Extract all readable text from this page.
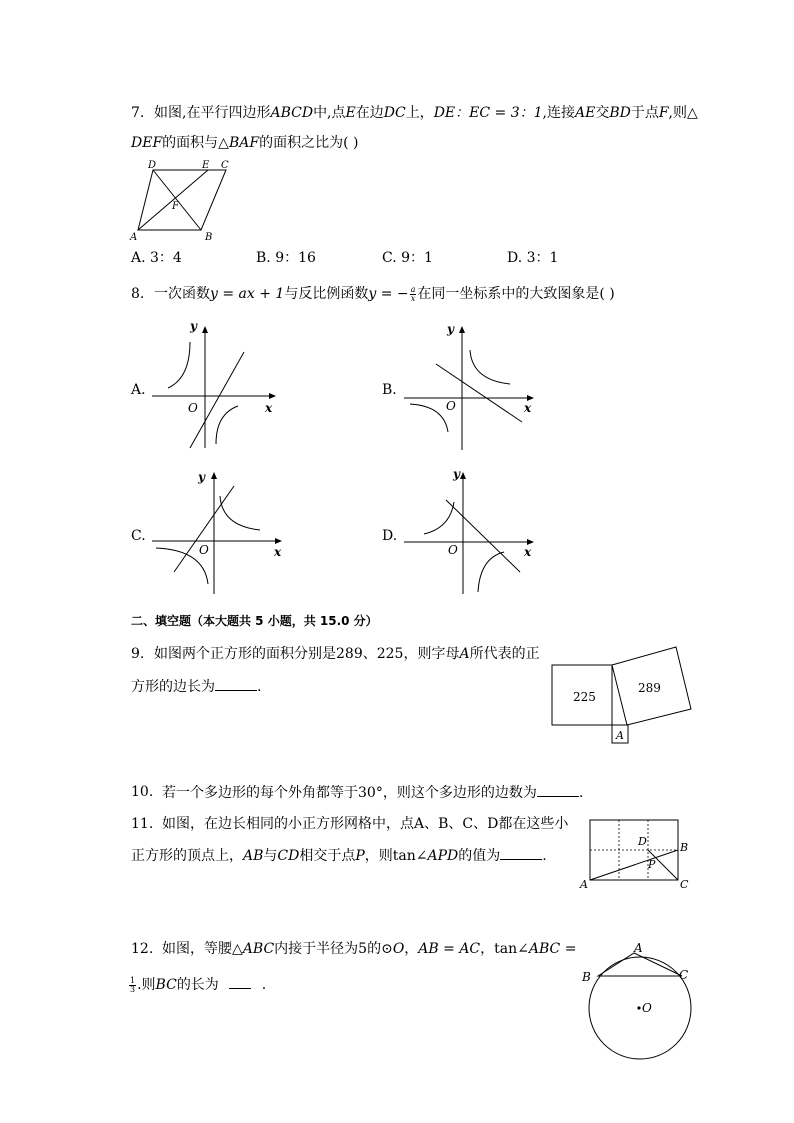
7. 如图,在平行四边形ABCD中,点E在边DC上，DE：EC = 3：1,连接AE交BD于点F,则△
DEF的面积与△BAF的面积之比为( )
D	E C
F
A	B
A. 3：4	B. 9：16	C. 9：1	D. 3：1
8. 一次函数y = ax + 1与反比例函数y = − $\frac{a}{x}$ 在同一坐标系中的大致图象是( )
A.
y
x
O
B.
y
x
O
C.
y
x
O
D.
y
x
O
二、填空题（本大题共 5 小题，共 15.0 分）
9. 如图两个正方形的面积分别是289、225，则字母A所代表的正
方形的边长为	.
225
289
A
10. 若一个多边形的每个外角都等于30°，则这个多边形的边数为	.
11. 如图，在边长相同的小正方形网格中，点A、B、C、D都在这些小
正方形的顶点上，AB与CD相交于点P，则tan∠APD的值为	.
A
B
C
D
P
12. 如图，等腰△ABC内接于半径为5的⊙O，AB = AC，tan∠ABC =
$\frac{1}{3}$ .则BC的长为	.
A
B	C
O
